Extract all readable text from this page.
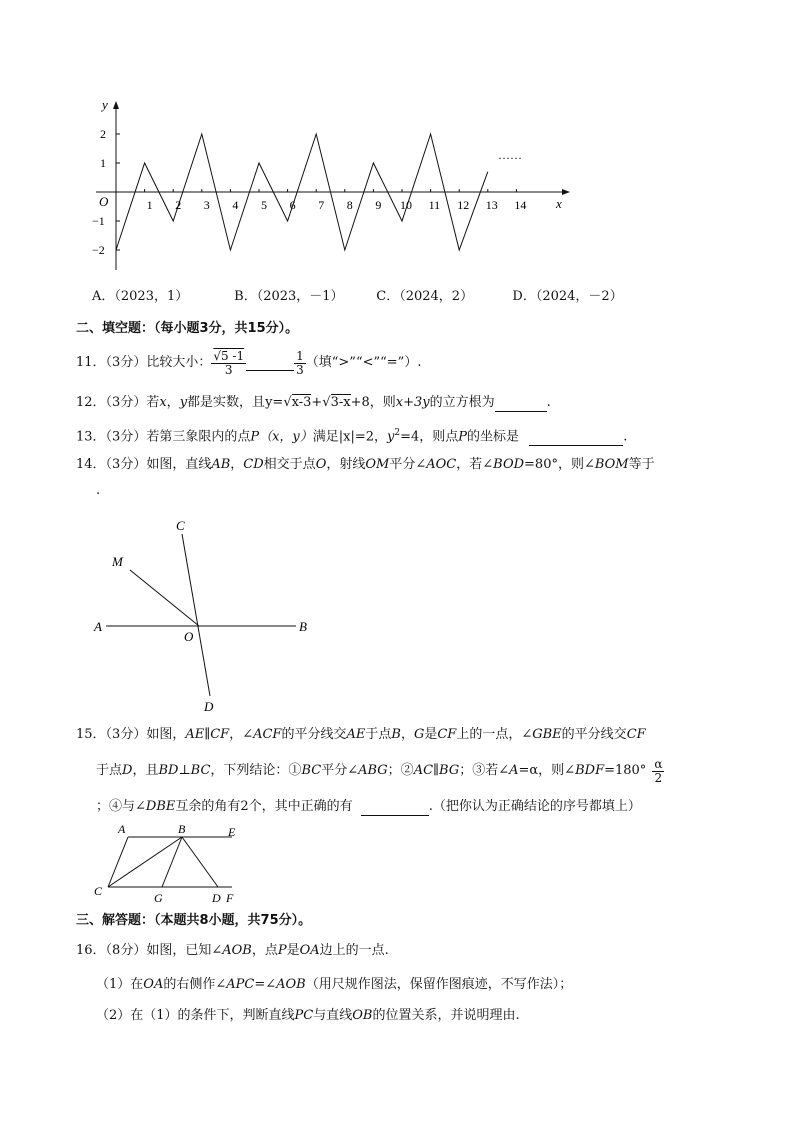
1 2 3 4 5 6 7 8 9 10 11 12 13 14
2
1
−1
−2
y
x
O
……
A．（2023，1）	B．（2023，－1）	C．（2024，2）	D．（2024，－2）
二、填空题：（每小题3分，共15分）。
11．（3分）比较大小： $\frac{√5 -1}{3}$	$\frac{1}{3}$ （填“>”“<”“=”）.
12．（3分）若x，y都是实数，且y=√x-3+√3-x+8，则x+3y的立方根为	.
13．（3分）若第三象限内的点P（x，y）满足|x|=2，$y^2=4$，则点P的坐标是	.
14．（3分）如图，直线AB，CD相交于点O，射线OM平分∠AOC，若∠BOD=80°，则∠BOM等于
.
C
M
A
O
B
D
15．（3分）如图，AE∥CF，∠ACF的平分线交AE于点B，G是CF上的一点，∠GBE的平分线交CF
于点 D ，且 BD⊥BC ，下列结论：① BC 平分∠ ABG ；② AC∥BG ；③若∠ A =α，则∠ BDF $=180^\circ \frac{\alpha}{2}$
；④与∠DBE互余的角有2个，其中正确的有	.（把你认为正确结论的序号都填上）
A	B	E
C	G	D F
三、解答题：（本题共8小题，共75分）。
16．（8分）如图，已知∠AOB，点P是OA边上的一点.
（1）在OA的右侧作∠APC=∠AOB（用尺规作图法，保留作图痕迹，不写作法）；
（2）在（1）的条件下，判断直线PC与直线OB的位置关系，并说明理由.
